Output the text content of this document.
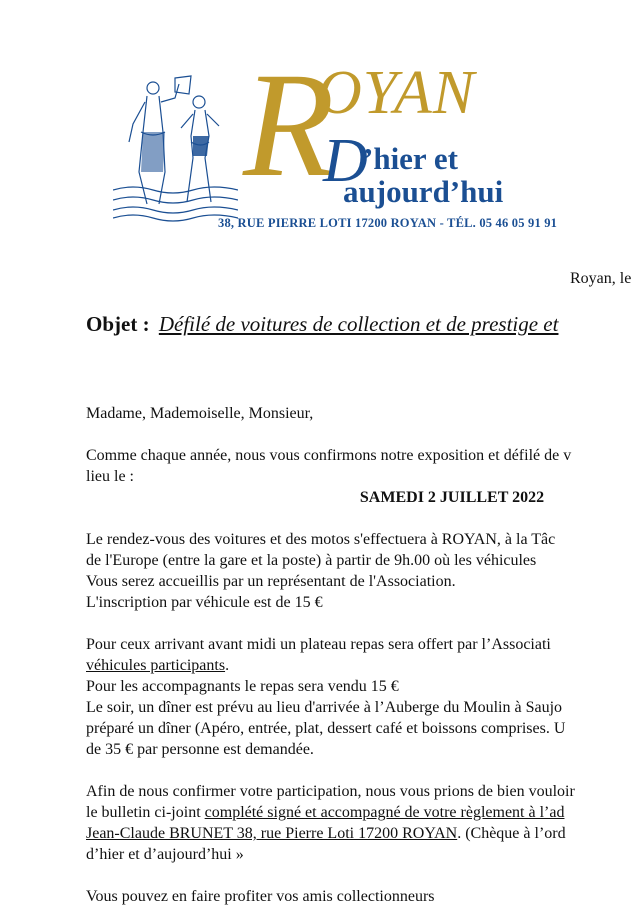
R
OYAN
D
’hier et
aujourd’hui
38, RUE PIERRE LOTI 17200 ROYAN - TÉL. 05 46 05 91 91
Royan, le
Objet : Défilé de voitures de collection et de prestige et

Madame, Mademoiselle, Monsieur,

Comme chaque année, nous vous confirmons notre exposition et défilé de v

lieu le :

SAMEDI 2 JUILLET 2022

Le rendez-vous des voitures et des motos s'effectuera à ROYAN, à la Tâc

de l'Europe (entre la gare et la poste) à partir de 9h.00 où les véhicules

Vous serez accueillis par un représentant de l'Association.

L'inscription par véhicule est de 15 €

Pour ceux arrivant avant midi un plateau repas sera offert par l’Associati

véhicules participants.

Pour les accompagnants le repas sera vendu 15 €

Le soir, un dîner est prévu au lieu d'arrivée à l’Auberge du Moulin à Saujo

préparé un dîner (Apéro, entrée, plat, dessert café et boissons comprises. U

de 35 € par personne est demandée.

Afin de nous confirmer votre participation, nous vous prions de bien vouloir

le bulletin ci-joint complété signé et accompagné de votre règlement à l’ad

Jean-Claude BRUNET 38, rue Pierre Loti 17200 ROYAN. (Chèque à l’ord

d’hier et d’aujourd’hui »

Vous pouvez en faire profiter vos amis collectionneurs
